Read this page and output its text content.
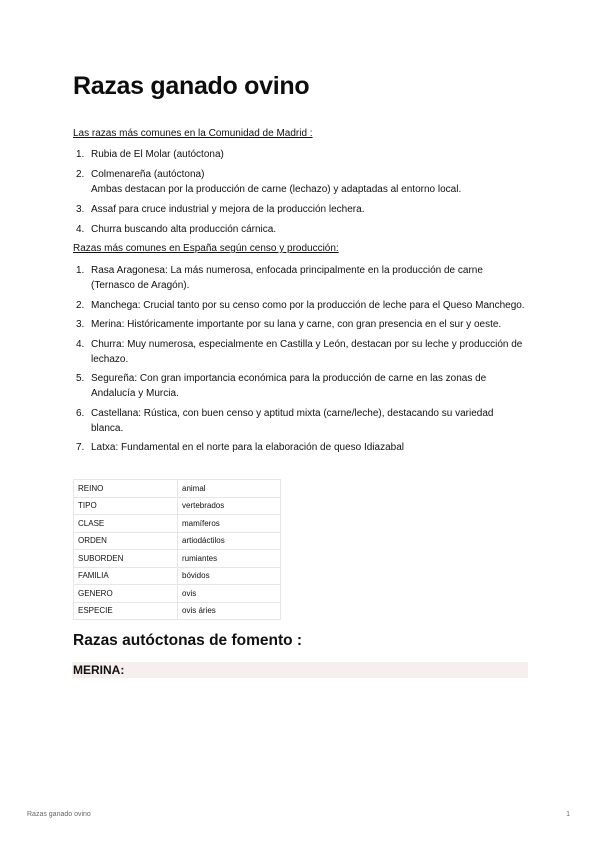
Razas ganado ovino

Las razas más comunes en la Comunidad de Madrid :

1. Rubia de El Molar (autóctona)
2. Colmenareña (autóctona)
Ambas destacan por la producción de carne (lechazo) y adaptadas al entorno local.
3. Assaf para cruce industrial y mejora de la producción lechera.
4. Churra buscando alta producción cárnica.

Razas más comunes en España según censo y producción:

1. Rasa Aragonesa: La más numerosa, enfocada principalmente en la producción de carne (Ternasco de Aragón).
2. Manchega: Crucial tanto por su censo como por la producción de leche para el Queso Manchego.
3. Merina: Históricamente importante por su lana y carne, con gran presencia en el sur y oeste.
4. Churra: Muy numerosa, especialmente en Castilla y León, destacan por su leche y producción de lechazo.
5. Segureña: Con gran importancia económica para la producción de carne en las zonas de Andalucía y Murcia.
6. Castellana: Rústica, con buen censo y aptitud mixta (carne/leche), destacando su variedad blanca.
7. Latxa: Fundamental en el norte para la elaboración de queso Idiazabal
REINO	animal
TIPO	vertebrados
CLASE	mamíferos
ORDEN	artiodáctilos
SUBORDEN	rumiantes
FAMILIA	bóvidos
GENERO	ovis
ESPECIE	ovis áries
Razas autóctonas de fomento :
MERINA:
Razas ganado ovino	1
